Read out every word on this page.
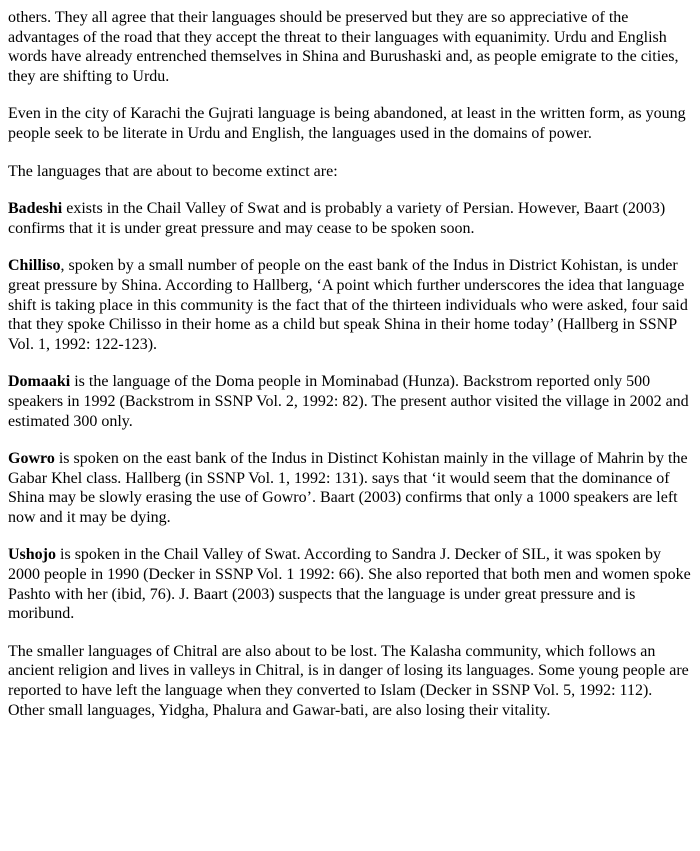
others. They all agree that their languages should be preserved but they are so appreciative of the advantages of the road that they accept the threat to their languages with equanimity. Urdu and English words have already entrenched themselves in Shina and Burushaski and, as people emigrate to the cities, they are shifting to Urdu.

Even in the city of Karachi the Gujrati language is being abandoned, at least in the written form, as young people seek to be literate in Urdu and English, the languages used in the domains of power.

The languages that are about to become extinct are:

Badeshi exists in the Chail Valley of Swat and is probably a variety of Persian. However, Baart (2003) confirms that it is under great pressure and may cease to be spoken soon.

Chilliso, spoken by a small number of people on the east bank of the Indus in District Kohistan, is under great pressure by Shina. According to Hallberg, ‘A point which further underscores the idea that language shift is taking place in this community is the fact that of the thirteen individuals who were asked, four said that they spoke Chilisso in their home as a child but speak Shina in their home today’ (Hallberg in SSNP Vol. 1, 1992: 122-123).

Domaaki is the language of the Doma people in Mominabad (Hunza). Backstrom reported only 500 speakers in 1992 (Backstrom in SSNP Vol. 2, 1992: 82). The present author visited the village in 2002 and estimated 300 only.

Gowro is spoken on the east bank of the Indus in Distinct Kohistan mainly in the village of Mahrin by the Gabar Khel class. Hallberg (in SSNP Vol. 1, 1992: 131). says that ‘it would seem that the dominance of Shina may be slowly erasing the use of Gowro’. Baart (2003) confirms that only a 1000 speakers are left now and it may be dying.

Ushojo is spoken in the Chail Valley of Swat. According to Sandra J. Decker of SIL, it was spoken by 2000 people in 1990 (Decker in SSNP Vol. 1 1992: 66). She also reported that both men and women spoke Pashto with her (ibid, 76). J. Baart (2003) suspects that the language is under great pressure and is moribund.

The smaller languages of Chitral are also about to be lost. The Kalasha community, which follows an ancient religion and lives in valleys in Chitral, is in danger of losing its languages. Some young people are reported to have left the language when they converted to Islam (Decker in SSNP Vol. 5, 1992: 112). Other small languages, Yidgha, Phalura and Gawar-bati, are also losing their vitality.
